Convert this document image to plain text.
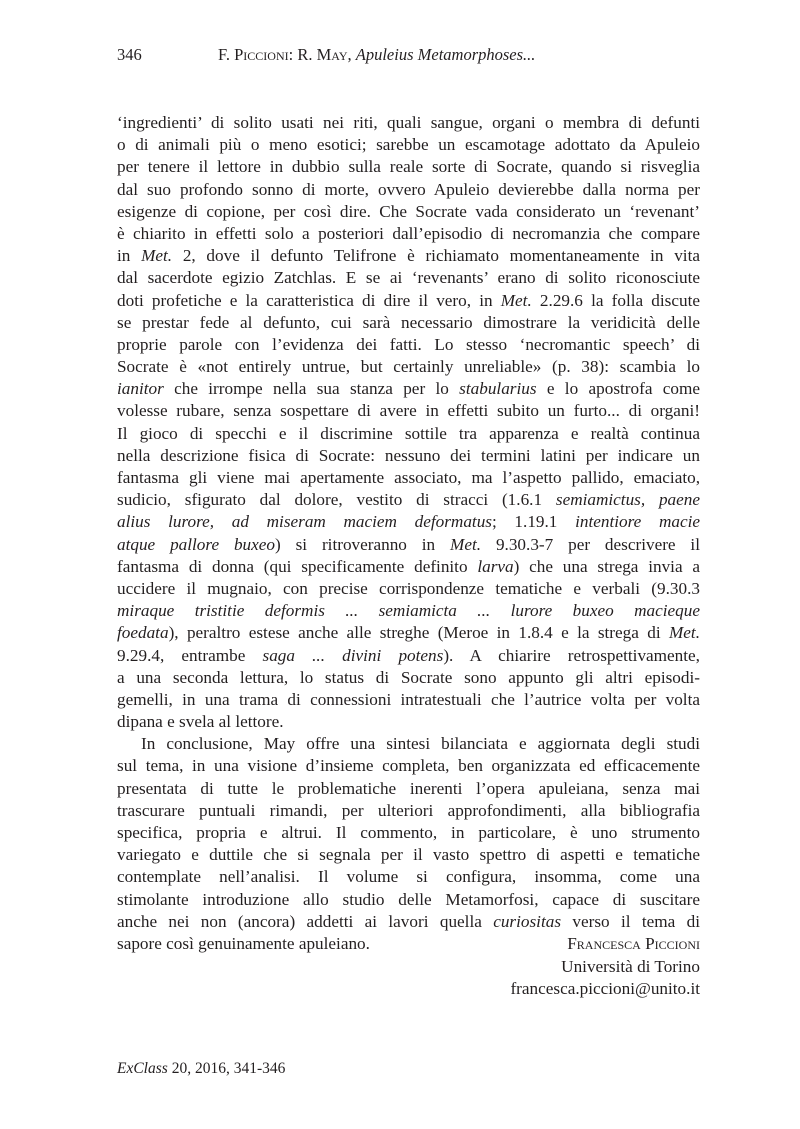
346	F. Piccioni: R. May, Apuleius Metamorphoses...
‘ingredienti’ di solito usati nei riti, quali sangue, organi o membra di defunti
o di animali più o meno esotici; sarebbe un escamotage adottato da Apuleio
per tenere il lettore in dubbio sulla reale sorte di Socrate, quando si risveglia
dal suo profondo sonno di morte, ovvero Apuleio devierebbe dalla norma per
esigenze di copione, per così dire. Che Socrate vada considerato un ‘revenant’
è chiarito in effetti solo a posteriori dall’episodio di necromanzia che compare
in Met. 2, dove il defunto Telifrone è richiamato momentaneamente in vita
dal sacerdote egizio Zatchlas. E se ai ‘revenants’ erano di solito riconosciute
doti profetiche e la caratteristica di dire il vero, in Met. 2.29.6 la folla discute
se prestar fede al defunto, cui sarà necessario dimostrare la veridicità delle
proprie parole con l’evidenza dei fatti. Lo stesso ‘necromantic speech’ di
Socrate è «not entirely untrue, but certainly unreliable» (p. 38): scambia lo
ianitor che irrompe nella sua stanza per lo stabularius e lo apostrofa come
volesse rubare, senza sospettare di avere in effetti subito un furto... di organi!
Il gioco di specchi e il discrimine sottile tra apparenza e realtà continua
nella descrizione fisica di Socrate: nessuno dei termini latini per indicare un
fantasma gli viene mai apertamente associato, ma l’aspetto pallido, emaciato,
sudicio, sfigurato dal dolore, vestito di stracci (1.6.1 semiamictus, paene
alius lurore, ad miseram maciem deformatus; 1.19.1 intentiore macie
atque pallore buxeo) si ritroveranno in Met. 9.30.3-7 per descrivere il
fantasma di donna (qui specificamente definito larva) che una strega invia a
uccidere il mugnaio, con precise corrispondenze tematiche e verbali (9.30.3
miraque tristitie deformis ... semiamicta ... lurore buxeo macieque
foedata), peraltro estese anche alle streghe (Meroe in 1.8.4 e la strega di Met.
9.29.4, entrambe saga ... divini potens). A chiarire retrospettivamente,
a una seconda lettura, lo status di Socrate sono appunto gli altri episodi-
gemelli, in una trama di connessioni intratestuali che l’autrice volta per volta
dipana e svela al lettore.
In conclusione, May offre una sintesi bilanciata e aggiornata degli studi
sul tema, in una visione d’insieme completa, ben organizzata ed efficacemente
presentata di tutte le problematiche inerenti l’opera apuleiana, senza mai
trascurare puntuali rimandi, per ulteriori approfondimenti, alla bibliografia
specifica, propria e altrui. Il commento, in particolare, è uno strumento
variegato e duttile che si segnala per il vasto spettro di aspetti e tematiche
contemplate nell’analisi. Il volume si configura, insomma, come una
stimolante introduzione allo studio delle Metamorfosi, capace di suscitare
anche nei non (ancora) addetti ai lavori quella curiositas verso il tema di
sapore così genuinamente apuleiano.	Francesca Piccioni
Università di Torino
francesca.piccioni@unito.it
ExClass 20, 2016, 341-346
